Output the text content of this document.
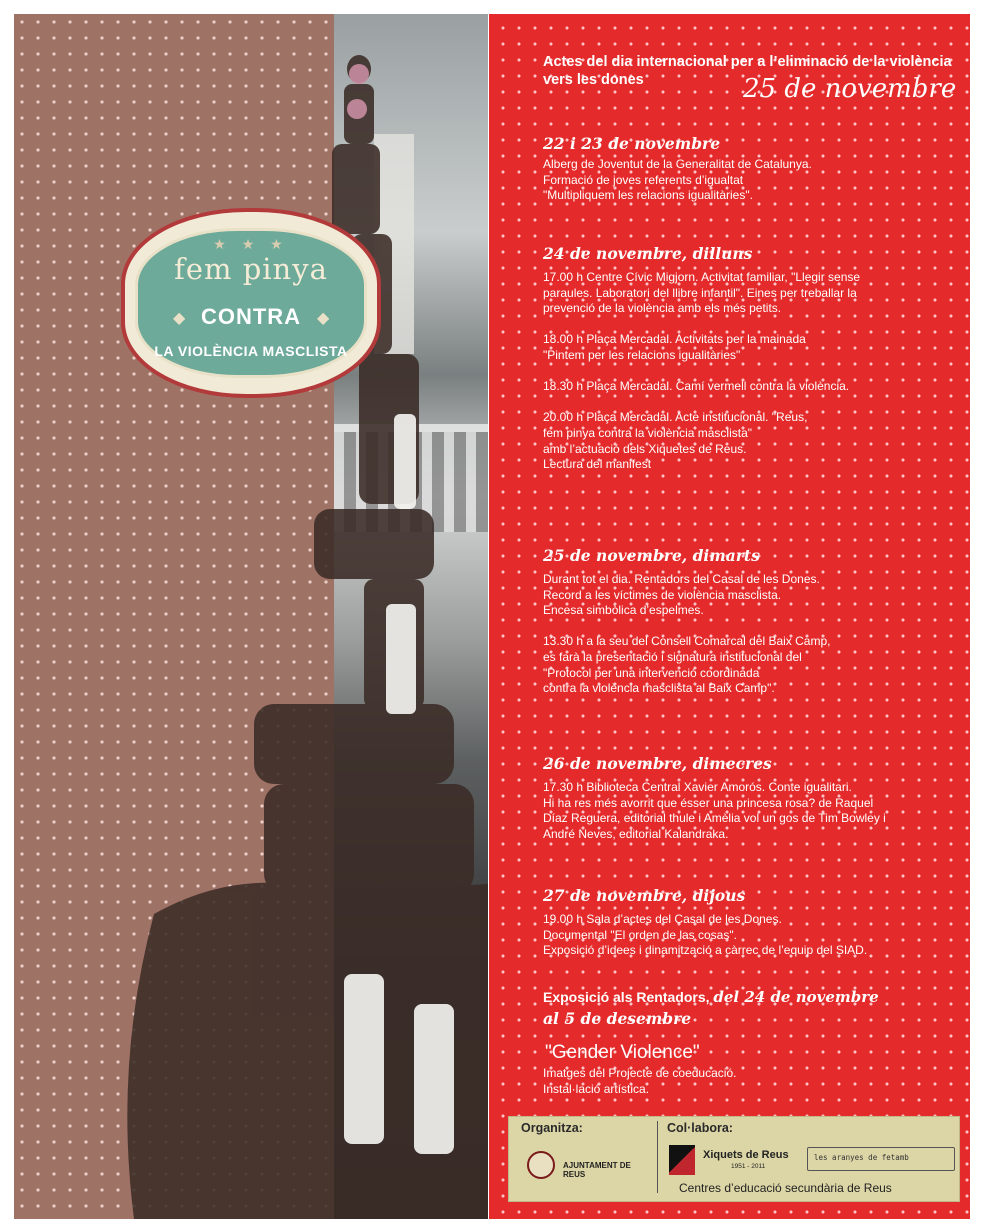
★ ★ ★
fem pinya
◆	◆
CONTRA
LA VIOLÈNCIA MASCLISTA
Actes del dia internacional per a l’eliminació de la violència vers les dones	25 de novembre
22 i 23 de novembre
Alberg de Joventut de la Generalitat de Catalunya.
Formació de joves referents d’igualtat
"Multipliquem les relacions igualitàries".
24 de novembre, dilluns
17.00 h Centre Cívic Migjorn. Activitat familiar, "Llegir sense
paraules. Laboratori del llibre infantil". Eines per treballar la
prevenció de la violència amb els més petits.

18.00 h Plaça Mercadal. Activitats per la mainada
"Pintem per les relacions igualitàries"

18.30 h Plaça Mercadal. Camí vermell contra la violència.

20.00 h Plaça Mercadal. Acte institucional. "Reus,
fem pinya contra la violència masclista"
amb l’actuació dels Xiquetes de Reus.
Lectura del manifest
25 de novembre, dimarts
Durant tot el dia. Rentadors del Casal de les Dones.
Record a les víctimes de violència masclista.
Encesa simbòlica d’espelmes.

13.30 h a la seu del Consell Comarcal del Baix Camp,
es farà la presentació i signatura institucional del
"Protocol per una intervenció coordinada
contra la violència masclista al Baix Camp".
26 de novembre, dimecres
17.30 h Biblioteca Central Xavier Amorós. Conte igualitari.
Hi ha res més avorrit que ésser una princesa rosa? de Raquel
Díaz Reguera, editorial thule i Amèlia vol un gos de Tim Bowley i
André Neves, editorial Kalandraka.
27 de novembre, dijous
19.00 h Sala d’actes del Casal de les Dones.
Documental "El orden de las cosas".
Exposició d’idees i dinamització a càrrec de l’equip del SIAD.
Exposició als Rentadors, del 24 de novembre
al 5 de desembre
"Gender Violence"
Imatges del Projecte de coeducació.
Instal·lació artística.
Organitza:	Col·labora:
AJUNTAMENT DE REUS
Xiquets de Reus
1951 - 2011
les aranyes de fetamb
Centres d’educació secundària de Reus
